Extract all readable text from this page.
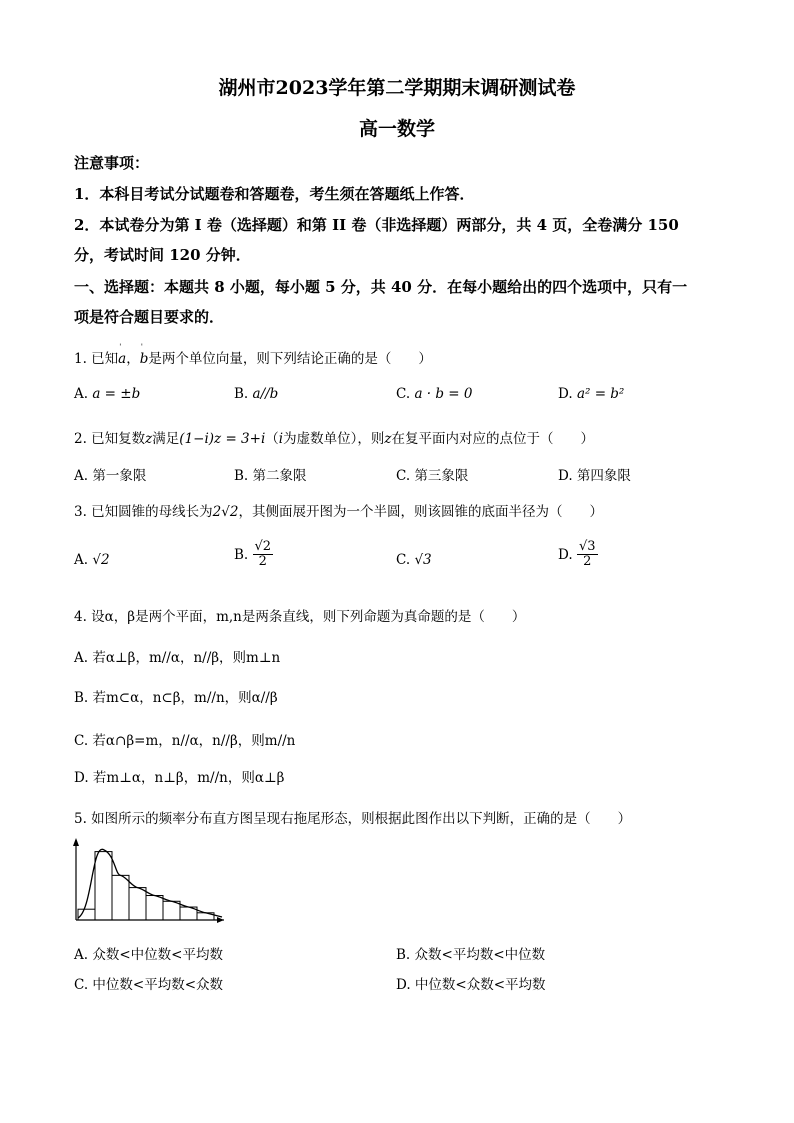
湖州市2023学年第二学期期末调研测试卷
高一数学
注意事项：
1．本科目考试分试题卷和答题卷，考生须在答题纸上作答．
2．本试卷分为第 I 卷（选择题）和第 II 卷（非选择题）两部分，共 4 页，全卷满分 150
分，考试时间 120 分钟．
一、选择题：本题共 8 小题，每小题 5 分，共 40 分．在每小题给出的四个选项中，只有一
项是符合题目要求的．
1. 已知
ˈ
a，
ˈ
b是两个单位向量，则下列结论正确的是（　　）
A. a = ±b	B. a//b	C. a · b = 0	D. a² = b²
2. 已知复数z满足(1−i)z = 3+i（i为虚数单位），则z在复平面内对应的点位于（　　）
A. 第一象限	B. 第二象限	C. 第三象限	D. 第四象限
3. 已知圆锥的母线长为2√2，其侧面展开图为一个半圆，则该圆锥的底面半径为（　　）
A. √2	B. $\frac{√2}{2}$	C. √3	D. $\frac{√3}{2}$
4. 设α，β是两个平面，m,n是两条直线，则下列命题为真命题的是（　　）
A. 若α⊥β，m//α，n//β，则m⊥n
B. 若m⊂α，n⊂β，m//n，则α//β
C. 若α∩β=m，n//α，n//β，则m//n
D. 若m⊥α，n⊥β，m//n，则α⊥β
5. 如图所示的频率分布直方图呈现右拖尾形态，则根据此图作出以下判断，正确的是（　　）
A. 众数<中位数<平均数	B. 众数<平均数<中位数
C. 中位数<平均数<众数	D. 中位数<众数<平均数
